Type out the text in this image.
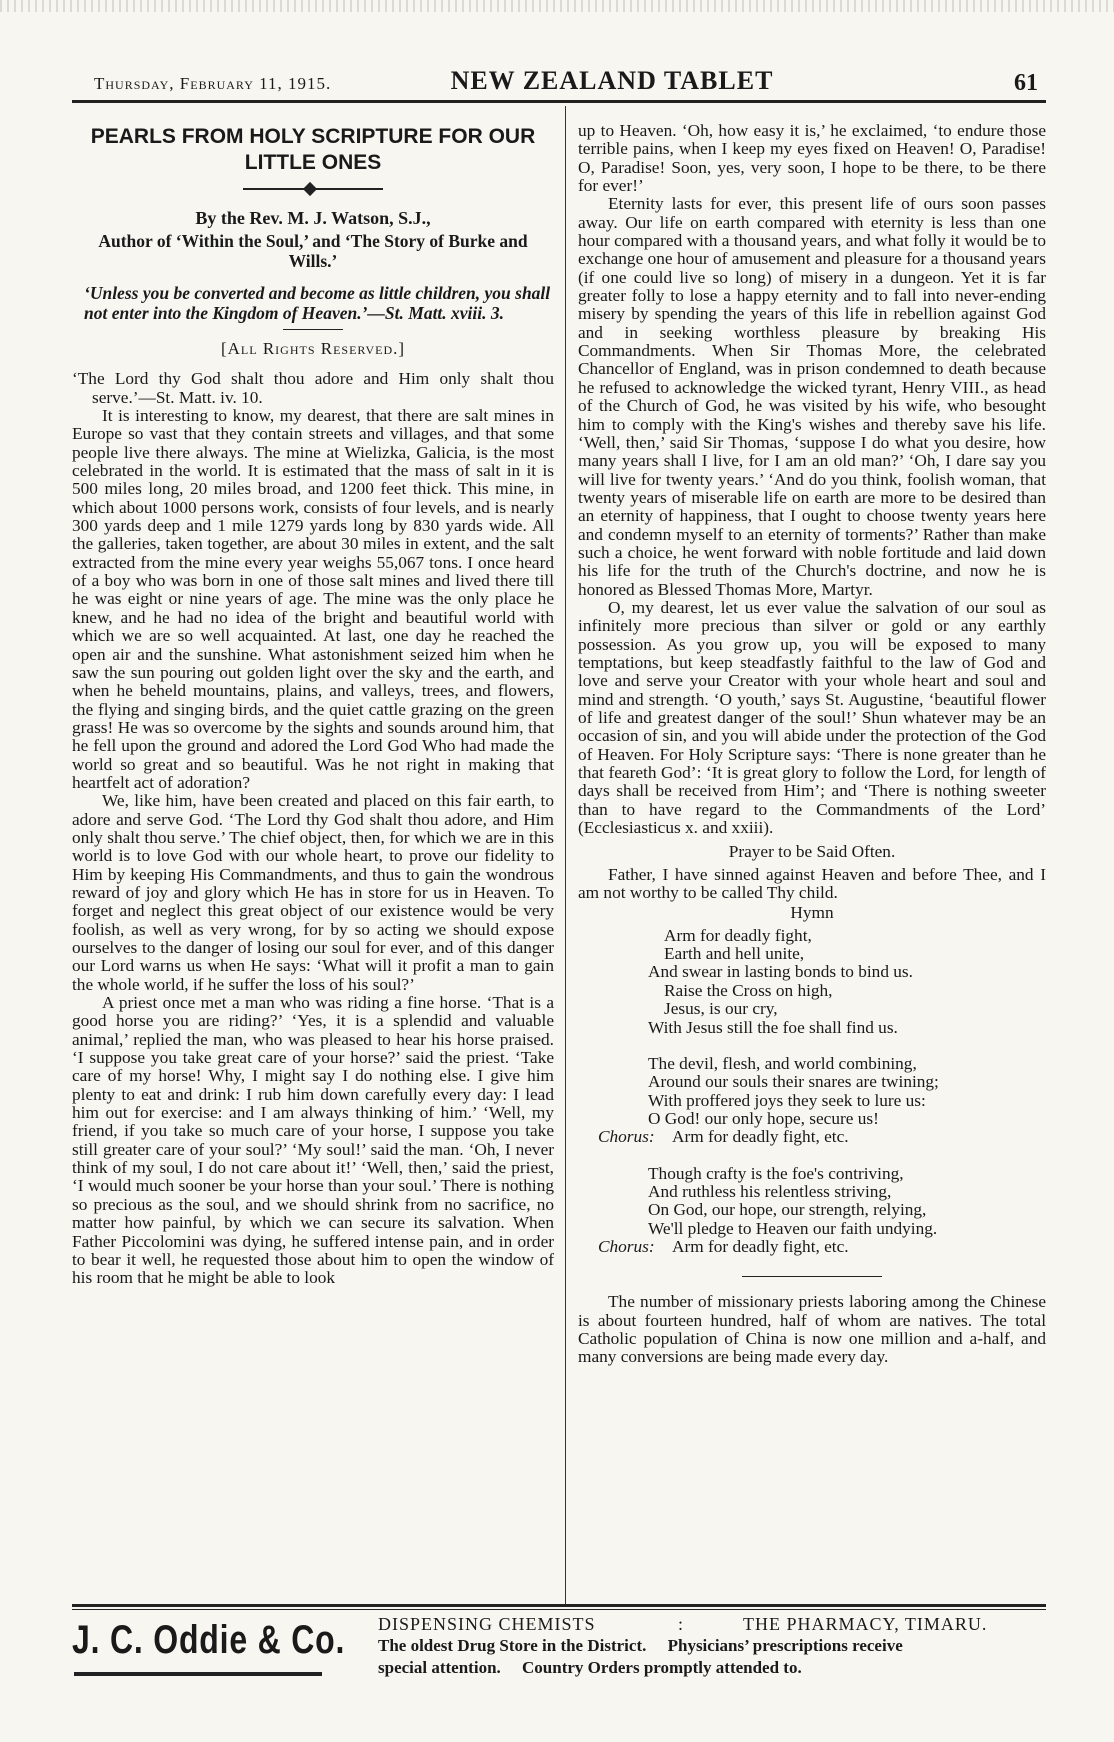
Thursday, February 11, 1915.	NEW ZEALAND TABLET	61
PEARLS FROM HOLY SCRIPTURE FOR OUR LITTLE ONES
By the Rev. M. J. Watson, S.J.,
Author of ‘Within the Soul,’ and ‘The Story of Burke and Wills.’
‘Unless you be converted and become as little children, you shall not enter into the Kingdom of Heaven.’—St. Matt. xviii. 3.
[All Rights Reserved.]

‘The Lord thy God shalt thou adore and Him only shalt thou serve.’—St. Matt. iv. 10.

It is interesting to know, my dearest, that there are salt mines in Europe so vast that they contain streets and villages, and that some people live there always. The mine at Wielizka, Galicia, is the most celebrated in the world. It is estimated that the mass of salt in it is 500 miles long, 20 miles broad, and 1200 feet thick. This mine, in which about 1000 persons work, consists of four levels, and is nearly 300 yards deep and 1 mile 1279 yards long by 830 yards wide. All the galleries, taken together, are about 30 miles in extent, and the salt extracted from the mine every year weighs 55,067 tons. I once heard of a boy who was born in one of those salt mines and lived there till he was eight or nine years of age. The mine was the only place he knew, and he had no idea of the bright and beautiful world with which we are so well acquainted. At last, one day he reached the open air and the sunshine. What astonishment seized him when he saw the sun pouring out golden light over the sky and the earth, and when he beheld mountains, plains, and valleys, trees, and flowers, the flying and singing birds, and the quiet cattle grazing on the green grass! He was so overcome by the sights and sounds around him, that he fell upon the ground and adored the Lord God Who had made the world so great and so beautiful. Was he not right in making that heartfelt act of adoration?

We, like him, have been created and placed on this fair earth, to adore and serve God. ‘The Lord thy God shalt thou adore, and Him only shalt thou serve.’ The chief object, then, for which we are in this world is to love God with our whole heart, to prove our fidelity to Him by keeping His Commandments, and thus to gain the wondrous reward of joy and glory which He has in store for us in Heaven. To forget and neglect this great object of our existence would be very foolish, as well as very wrong, for by so acting we should expose ourselves to the danger of losing our soul for ever, and of this danger our Lord warns us when He says: ‘What will it profit a man to gain the whole world, if he suffer the loss of his soul?’

A priest once met a man who was riding a fine horse. ‘That is a good horse you are riding?’ ‘Yes, it is a splendid and valuable animal,’ replied the man, who was pleased to hear his horse praised. ‘I suppose you take great care of your horse?’ said the priest. ‘Take care of my horse! Why, I might say I do nothing else. I give him plenty to eat and drink: I rub him down carefully every day: I lead him out for exercise: and I am always thinking of him.’ ‘Well, my friend, if you take so much care of your horse, I suppose you take still greater care of your soul?’ ‘My soul!’ said the man. ‘Oh, I never think of my soul, I do not care about it!’ ‘Well, then,’ said the priest, ‘I would much sooner be your horse than your soul.’ There is nothing so precious as the soul, and we should shrink from no sacrifice, no matter how painful, by which we can secure its salvation. When Father Piccolomini was dying, he suffered intense pain, and in order to bear it well, he requested those about him to open the window of his room that he might be able to look

up to Heaven. ‘Oh, how easy it is,’ he exclaimed, ‘to endure those terrible pains, when I keep my eyes fixed on Heaven! O, Paradise! O, Paradise! Soon, yes, very soon, I hope to be there, to be there for ever!’

Eternity lasts for ever, this present life of ours soon passes away. Our life on earth compared with eternity is less than one hour compared with a thousand years, and what folly it would be to exchange one hour of amusement and pleasure for a thousand years (if one could live so long) of misery in a dungeon. Yet it is far greater folly to lose a happy eternity and to fall into never-ending misery by spending the years of this life in rebellion against God and in seeking worthless pleasure by breaking His Commandments. When Sir Thomas More, the celebrated Chancellor of England, was in prison condemned to death because he refused to acknowledge the wicked tyrant, Henry VIII., as head of the Church of God, he was visited by his wife, who besought him to comply with the King's wishes and thereby save his life. ‘Well, then,’ said Sir Thomas, ‘suppose I do what you desire, how many years shall I live, for I am an old man?’ ‘Oh, I dare say you will live for twenty years.’ ‘And do you think, foolish woman, that twenty years of miserable life on earth are more to be desired than an eternity of happiness, that I ought to choose twenty years here and condemn myself to an eternity of torments?’ Rather than make such a choice, he went forward with noble fortitude and laid down his life for the truth of the Church's doctrine, and now he is honored as Blessed Thomas More, Martyr.

O, my dearest, let us ever value the salvation of our soul as infinitely more precious than silver or gold or any earthly possession. As you grow up, you will be exposed to many temptations, but keep steadfastly faithful to the law of God and love and serve your Creator with your whole heart and soul and mind and strength. ‘O youth,’ says St. Augustine, ‘beautiful flower of life and greatest danger of the soul!’ Shun whatever may be an occasion of sin, and you will abide under the protection of the God of Heaven. For Holy Scripture says: ‘There is none greater than he that feareth God’: ‘It is great glory to follow the Lord, for length of days shall be received from Him’; and ‘There is nothing sweeter than to have regard to the Commandments of the Lord’ (Ecclesiasticus x. and xxiii).

Prayer to be Said Often.

Father, I have sinned against Heaven and before Thee, and I am not worthy to be called Thy child.

Hymn

Arm for deadly fight,

Earth and hell unite,

And swear in lasting bonds to bind us.

Raise the Cross on high,

Jesus, is our cry,

With Jesus still the foe shall find us.

The devil, flesh, and world combining,

Around our souls their snares are twining;

With proffered joys they seek to lure us:

O God! our only hope, secure us!

Chorus: Arm for deadly fight, etc.

Though crafty is the foe's contriving,

And ruthless his relentless striving,

On God, our hope, our strength, relying,

We'll pledge to Heaven our faith undying.

Chorus: Arm for deadly fight, etc.

The number of missionary priests laboring among the Chinese is about fourteen hundred, half of whom are natives. The total Catholic population of China is now one million and a-half, and many conversions are being made every day.

J. C. Oddie & Co. DISPENSING CHEMISTS	:	THE PHARMACY, TIMARU.
The oldest Drug Store in the District.     Physicians’ prescriptions receive
special attention.     Country Orders promptly attended to.
